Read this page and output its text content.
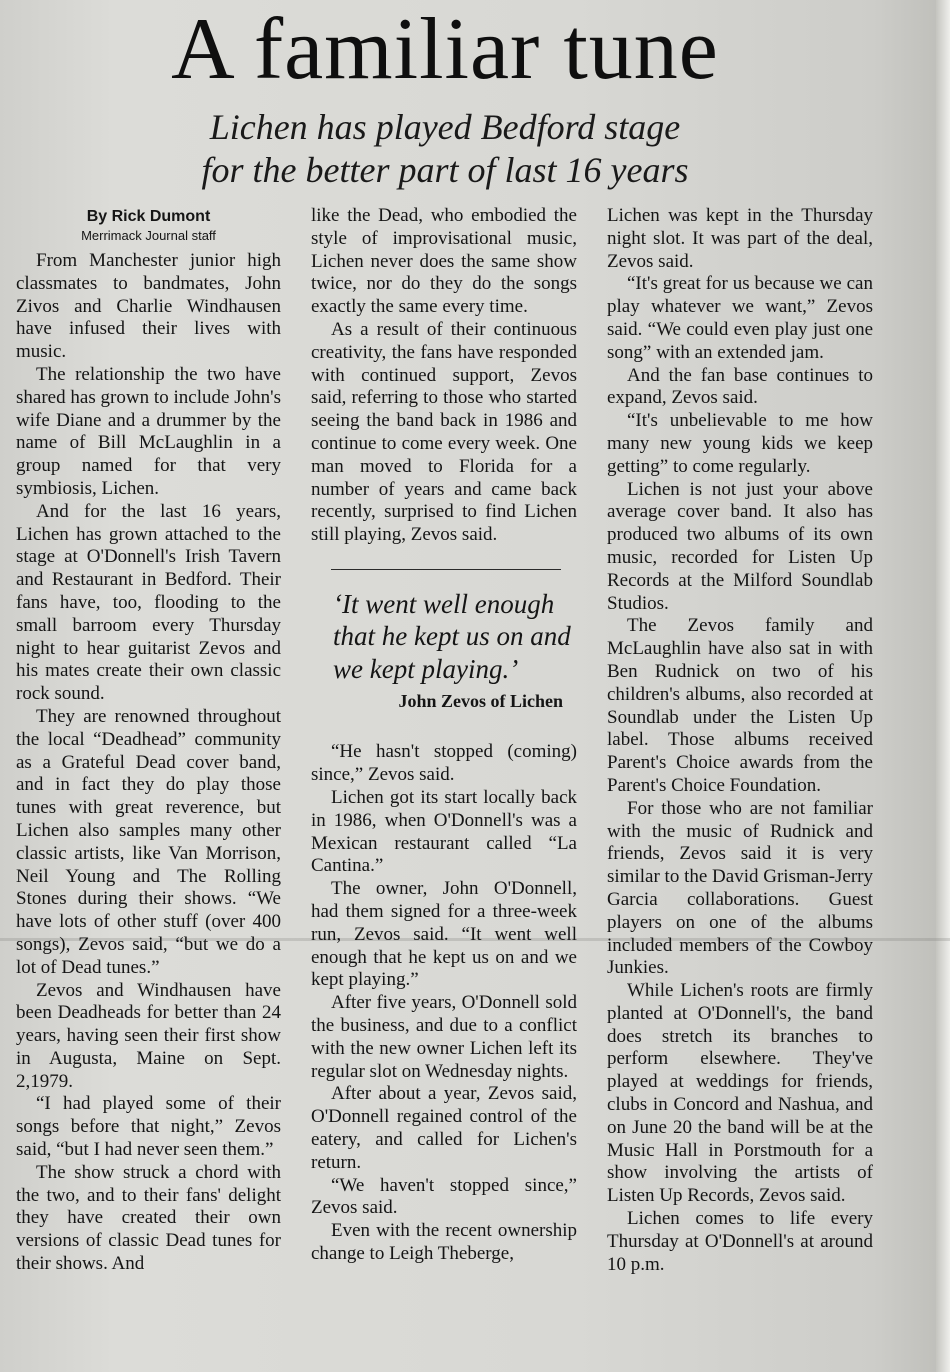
A familiar tune
Lichen has played Bedford stage
for the better part of last 16 years
By Rick Dumont
Merrimack Journal staff

From Manchester junior high classmates to bandmates, John Zivos and Charlie Windhausen have infused their lives with music.

The relationship the two have shared has grown to include John's wife Diane and a drummer by the name of Bill McLaughlin in a group named for that very symbiosis, Lichen.

And for the last 16 years, Lichen has grown attached to the stage at O'Donnell's Irish Tavern and Restaurant in Bedford. Their fans have, too, flooding to the small barroom every Thursday night to hear guitarist Zevos and his mates create their own classic rock sound.

They are renowned throughout the local “Deadhead” community as a Grateful Dead cover band, and in fact they do play those tunes with great reverence, but Lichen also samples many other classic artists, like Van Morrison, Neil Young and The Rolling Stones during their shows. “We have lots of other stuff (over 400 songs), Zevos said, “but we do a lot of Dead tunes.”

Zevos and Windhausen have been Deadheads for better than 24 years, having seen their first show in Augusta, Maine on Sept. 2,1979.

“I had played some of their songs before that night,” Zevos said, “but I had never seen them.”

The show struck a chord with the two, and to their fans' delight they have created their own versions of classic Dead tunes for their shows. And

like the Dead, who embodied the style of improvisational music, Lichen never does the same show twice, nor do they do the songs exactly the same every time.

As a result of their continuous creativity, the fans have responded with continued support, Zevos said, referring to those who started seeing the band back in 1986 and continue to come every week. One man moved to Florida for a number of years and came back recently, surprised to find Lichen still playing, Zevos said.

‘It went well enough that he kept us on and we kept playing.’
John Zevos of Lichen

“He hasn't stopped (coming) since,” Zevos said.

Lichen got its start locally back in 1986, when O'Donnell's was a Mexican restaurant called “La Cantina.”

The owner, John O'Donnell, had them signed for a three-week run, Zevos said. “It went well enough that he kept us on and we kept playing.”

After five years, O'Donnell sold the business, and due to a conflict with the new owner Lichen left its regular slot on Wednesday nights.

After about a year, Zevos said, O'Donnell regained control of the eatery, and called for Lichen's return.

“We haven't stopped since,” Zevos said.

Even with the recent ownership change to Leigh Theberge,

Lichen was kept in the Thursday night slot. It was part of the deal, Zevos said.

“It's great for us because we can play whatever we want,” Zevos said. “We could even play just one song” with an extended jam.

And the fan base continues to expand, Zevos said.

“It's unbelievable to me how many new young kids we keep getting” to come regularly.

Lichen is not just your above average cover band. It also has produced two albums of its own music, recorded for Listen Up Records at the Milford Soundlab Studios.

The Zevos family and McLaughlin have also sat in with Ben Rudnick on two of his children's albums, also recorded at Soundlab under the Listen Up label. Those albums received Parent's Choice awards from the Parent's Choice Foundation.

For those who are not familiar with the music of Rudnick and friends, Zevos said it is very similar to the David Grisman-Jerry Garcia collaborations. Guest players on one of the albums included members of the Cowboy Junkies.

While Lichen's roots are firmly planted at O'Donnell's, the band does stretch its branches to perform elsewhere. They've played at weddings for friends, clubs in Concord and Nashua, and on June 20 the band will be at the Music Hall in Porstmouth for a show involving the artists of Listen Up Records, Zevos said.

Lichen comes to life every Thursday at O'Donnell's at around 10 p.m.
